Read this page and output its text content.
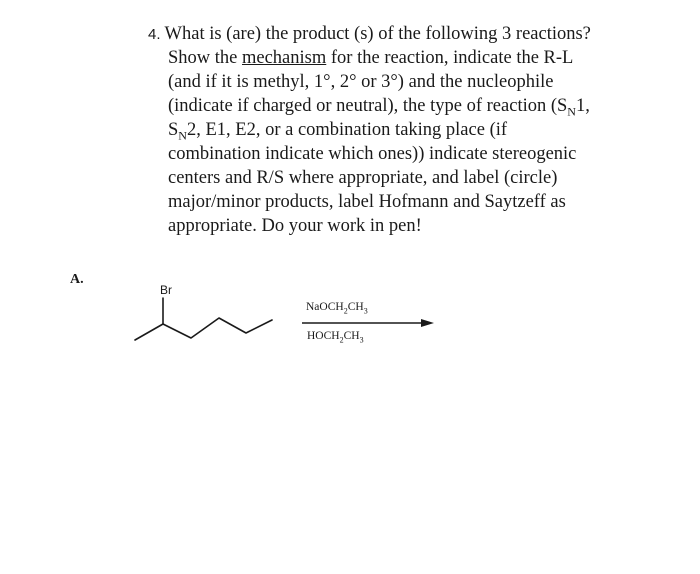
4. What is (are) the product (s) of the following 3 reactions?
Show the mechanism for the reaction, indicate the R-L
(and if it is methyl, 1°, 2° or 3°) and the nucleophile
(indicate if charged or neutral), the type of reaction ($S_N1$,
$S_N2$, E1, E2, or a combination taking place (if
combination indicate which ones)) indicate stereogenic
centers and R/S where appropriate, and label (circle)
major/minor products, label Hofmann and Saytzeff as
appropriate. Do your work in pen!
A.
Br
$NaOCH_2CH_3$
$HOCH_2CH_3$
